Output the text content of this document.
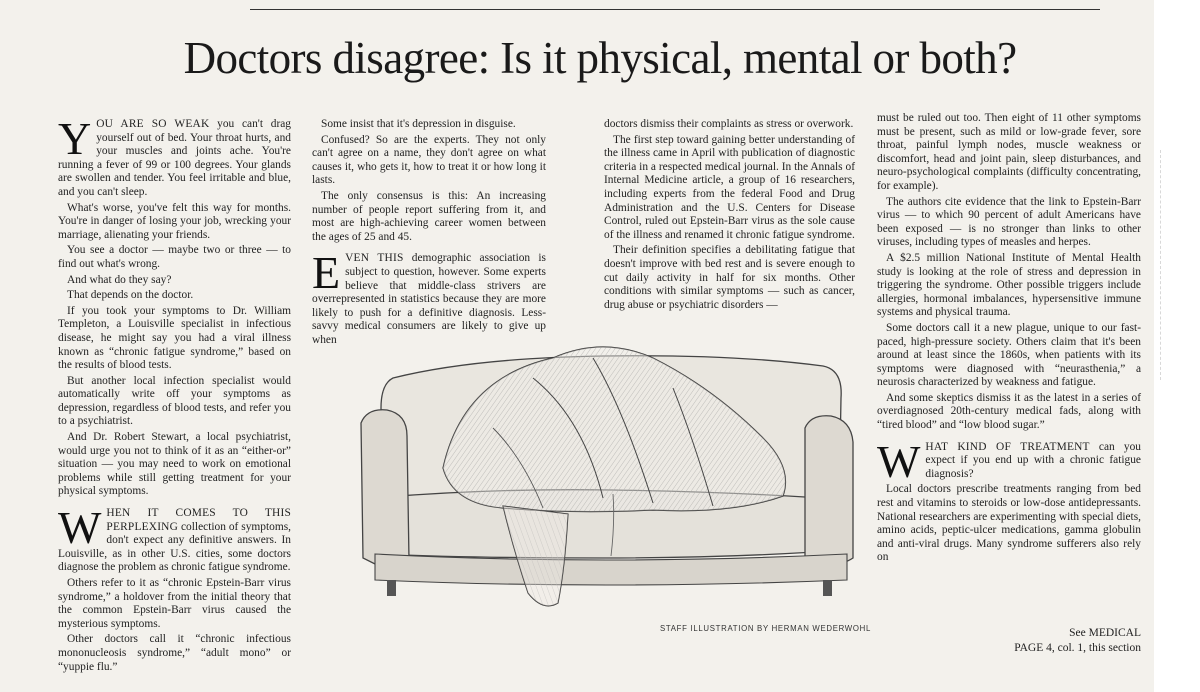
Doctors disagree: Is it physical, mental or both?

YOU ARE SO WEAK you can't drag yourself out of bed. Your throat hurts, and your muscles and joints ache. You're running a fever of 99 or 100 degrees. Your glands are swollen and tender. You feel irritable and blue, and you can't sleep.

What's worse, you've felt this way for months. You're in danger of losing your job, wrecking your marriage, alienating your friends.

You see a doctor — maybe two or three — to find out what's wrong.

And what do they say?

That depends on the doctor.

If you took your symptoms to Dr. William Templeton, a Louisville specialist in infectious disease, he might say you had a viral illness known as “chronic fatigue syndrome,” based on the results of blood tests.

But another local infection specialist would automatically write off your symptoms as depression, regardless of blood tests, and refer you to a psychiatrist.

And Dr. Robert Stewart, a local psychiatrist, would urge you not to think of it as an “either-or” situation — you may need to work on emotional problems while still getting treatment for your physical symptoms.

WHEN IT COMES TO THIS PERPLEXING collection of symptoms, don't expect any definitive answers. In Louisville, as in other U.S. cities, some doctors diagnose the problem as chronic fatigue syndrome.

Others refer to it as “chronic Epstein-Barr virus syndrome,” a holdover from the initial theory that the common Epstein-Barr virus caused the mysterious symptoms.

Other doctors call it “chronic infectious mononucleosis syndrome,” “adult mono” or “yuppie flu.”

Some insist that it's depression in disguise.

Confused? So are the experts. They not only can't agree on a name, they don't agree on what causes it, who gets it, how to treat it or how long it lasts.

The only consensus is this: An increasing number of people report suffering from it, and most are high-achieving career women between the ages of 25 and 45.

EVEN THIS demographic association is subject to question, however. Some experts believe that middle-class strivers are overrepresented in statistics because they are more likely to push for a definitive diagnosis. Less-savvy medical consumers are likely to give up when

doctors dismiss their complaints as stress or overwork.

The first step toward gaining better understanding of the illness came in April with publication of diagnostic criteria in a respected medical journal. In the Annals of Internal Medicine article, a group of 16 researchers, including experts from the federal Food and Drug Administration and the U.S. Centers for Disease Control, ruled out Epstein-Barr virus as the sole cause of the illness and renamed it chronic fatigue syndrome.

Their definition specifies a debilitating fatigue that doesn't improve with bed rest and is severe enough to cut daily activity in half for six months. Other conditions with similar symptoms — such as cancer, drug abuse or psychiatric disorders —

must be ruled out too. Then eight of 11 other symptoms must be present, such as mild or low-grade fever, sore throat, painful lymph nodes, muscle weakness or discomfort, head and joint pain, sleep disturbances, and neuro-psychological complaints (difficulty concentrating, for example).

The authors cite evidence that the link to Epstein-Barr virus — to which 90 percent of adult Americans have been exposed — is no stronger than links to other viruses, including types of measles and herpes.

A $2.5 million National Institute of Mental Health study is looking at the role of stress and depression in triggering the syndrome. Other possible triggers include allergies, hormonal imbalances, hypersensitive immune systems and physical trauma.

Some doctors call it a new plague, unique to our fast-paced, high-pressure society. Others claim that it's been around at least since the 1860s, when patients with its symptoms were diagnosed with “neurasthenia,” a neurosis characterized by weakness and fatigue.

And some skeptics dismiss it as the latest in a series of overdiagnosed 20th-century medical fads, along with “tired blood” and “low blood sugar.”

WHAT KIND OF TREATMENT can you expect if you end up with a chronic fatigue diagnosis?

Local doctors prescribe treatments ranging from bed rest and vitamins to steroids or low-dose antidepressants. National researchers are experimenting with special diets, amino acids, peptic-ulcer medications, gamma globulin and anti-viral drugs. Many syndrome sufferers also rely on

STAFF ILLUSTRATION BY HERMAN WEDERWOHL	See MEDICAL
PAGE 4, col. 1, this section
